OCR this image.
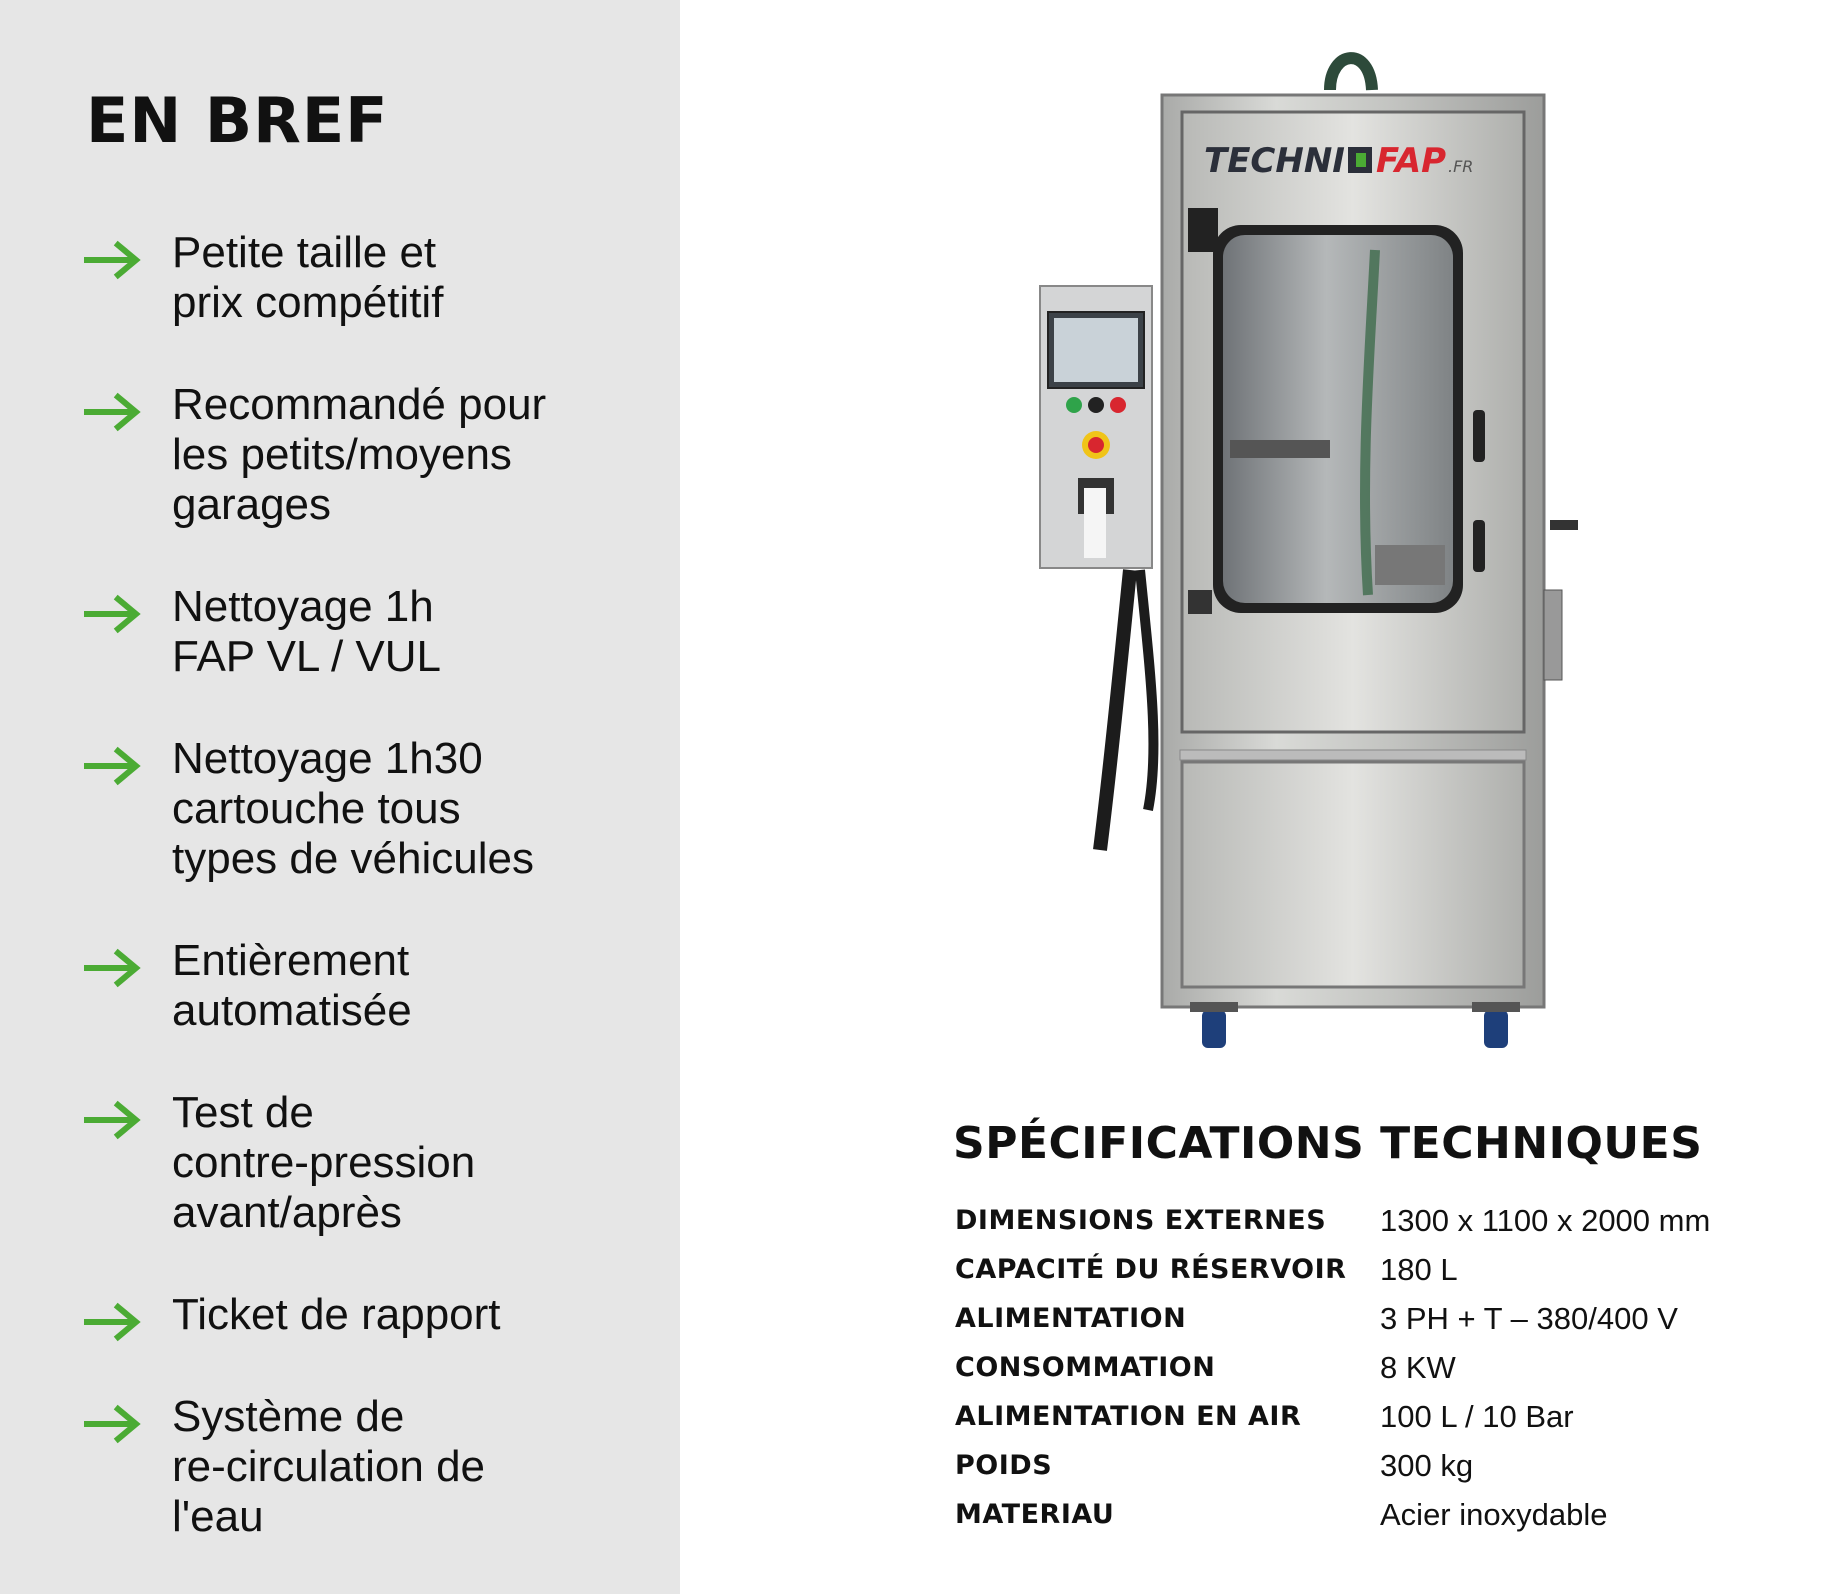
EN BREF
Petite taille et
prix compétitif
Recommandé pour
les petits/moyens
garages
Nettoyage 1h
FAP VL / VUL
Nettoyage 1h30
cartouche tous
types de véhicules
Entièrement
automatisée
Test de
contre-pression
avant/après
Ticket de rapport
Système de
re-circulation de
l'eau
TECHNI FAP .FR
SPÉCIFICATIONS TECHNIQUES
DIMENSIONS EXTERNES	1300 x 1100 x 2000 mm
CAPACITÉ DU RÉSERVOIR	180 L
ALIMENTATION	3 PH + T – 380/400 V
CONSOMMATION	8 KW
ALIMENTATION EN AIR	100 L / 10 Bar
POIDS	300 kg
MATERIAU	Acier inoxydable
